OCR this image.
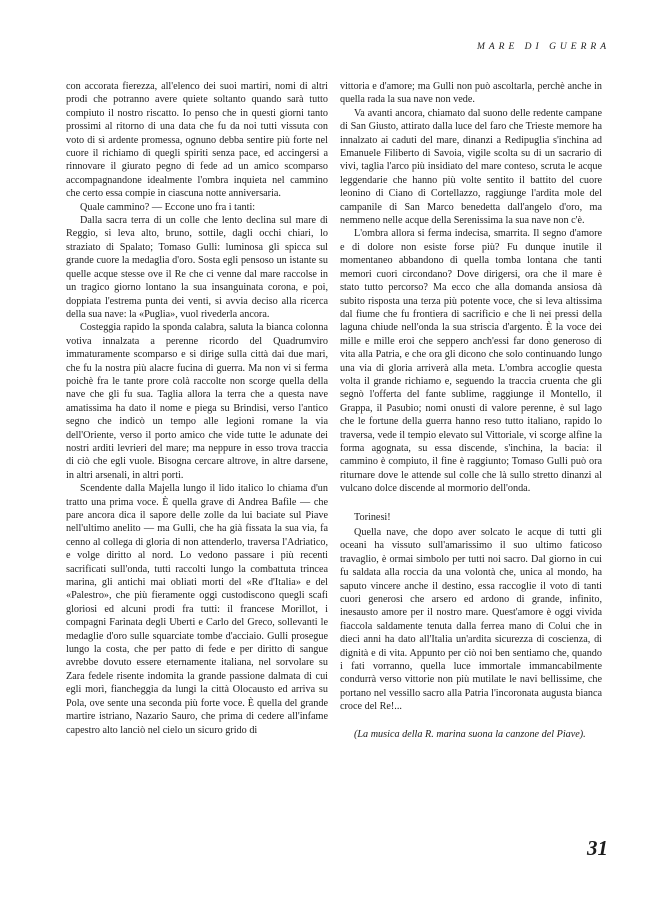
MARE DI GUERRA

con accorata fierezza, all'elenco dei suoi martiri, nomi di altri prodi che potranno avere quiete soltanto quando sarà tutto compiuto il nostro riscatto. Io penso che in questi giorni tanto prossimi al ritorno di una data che fu da noi tutti vissuta con voto di sì ardente promessa, ognuno debba sentire più forte nel cuore il richiamo di quegli spiriti senza pace, ed accingersi a rinnovare il giurato pegno di fede ad un amico scomparso accompagnandone idealmente l'ombra inquieta nel cammino che certo essa compie in ciascuna notte anniversaria.

Quale cammino? — Eccone uno fra i tanti:

Dalla sacra terra di un colle che lento declina sul mare di Reggio, si leva alto, bruno, sottile, dagli occhi chiari, lo straziato di Spalato; Tomaso Gulli: luminosa gli spicca sul grande cuore la medaglia d'oro. Sosta egli pensoso un istante su quelle acque stesse ove il Re che ci venne dal mare raccolse in un tragico giorno lontano la sua insanguinata corona, e poi, doppiata l'estrema punta dei venti, si avvia deciso alla ricerca della sua nave: la «Puglia», vuol rivederla ancora.

Costeggia rapido la sponda calabra, saluta la bianca colonna votiva innalzata a perenne ricordo del Quadrumviro immaturamente scomparso e si dirige sulla città dai due mari, che fu la nostra più alacre fucina di guerra. Ma non vi si ferma poichè fra le tante prore colà raccolte non scorge quella della nave che gli fu sua. Taglia allora la terra che a questa nave amatissima ha dato il nome e piega su Brindisi, verso l'antico segno che indicò un tempo alle legioni romane la via dell'Oriente, verso il porto amico che vide tutte le adunate dei nostri arditi levrieri del mare; ma neppure in esso trova traccia di ciò che egli vuole. Bisogna cercare altrove, in altre darsene, in altri arsenali, in altri porti.

Scendente dalla Majella lungo il lido italico lo chiama d'un tratto una prima voce. È quella grave di Andrea Bafile — che pare ancora dica il sapore delle zolle da lui baciate sul Piave nell'ultimo anelito — ma Gulli, che ha già fissata la sua via, fa cenno al collega di gloria di non attenderlo, traversa l'Adriatico, e volge diritto al nord. Lo vedono passare i più recenti sacrificati sull'onda, tutti raccolti lungo la combattuta trincea marina, gli antichi mai obliati morti del «Re d'Italia» e del «Palestro», che più fieramente oggi custodiscono quegli scafi gloriosi ed alcuni prodi fra tutti: il francese Morillot, i compagni Farinata degli Uberti e Carlo del Greco, sollevanti le medaglie d'oro sulle squarciate tombe d'acciaio. Gulli prosegue lungo la costa, che per patto di fede e per diritto di sangue avrebbe dovuto essere eternamente italiana, nel sorvolare su Zara fedele risente indomita la grande passione dalmata di cui egli morì, fiancheggia da lungi la città Olocausto ed arriva su Pola, ove sente una seconda più forte voce. È quella del grande martire istriano, Nazario Sauro, che prima di cedere all'infame capestro alto lanciò nel cielo un sicuro grido di

vittoria e d'amore; ma Gulli non può ascoltarla, perchè anche in quella rada la sua nave non vede.

Va avanti ancora, chiamato dal suono delle redente campane di San Giusto, attirato dalla luce del faro che Trieste memore ha innalzato ai caduti del mare, dinanzi a Redipuglia s'inchina ad Emanuele Filiberto di Savoia, vigile scolta su di un sacrario di vivi, taglia l'arco più insidiato del mare conteso, scruta le acque leggendarie che hanno più volte sentito il battito del cuore leonino di Ciano di Cortellazzo, raggiunge l'ardita mole del campanile di San Marco benedetta dall'angelo d'oro, ma nemmeno nelle acque della Serenissima la sua nave non c'è.

L'ombra allora si ferma indecisa, smarrita. Il segno d'amore e di dolore non esiste forse più? Fu dunque inutile il momentaneo abbandono di quella tomba lontana che tanti memori cuori circondano? Dove dirigersi, ora che il mare è stato tutto percorso? Ma ecco che alla domanda ansiosa dà subito risposta una terza più potente voce, che si leva altissima dal fiume che fu frontiera di sacrificio e che lì nei pressi della laguna chiude nell'onda la sua striscia d'argento. È la voce dei mille e mille eroi che seppero anch'essi far dono generoso di vita alla Patria, e che ora gli dicono che solo continuando lungo una via di gloria arriverà alla meta. L'ombra accoglie questa volta il grande richiamo e, seguendo la traccia cruenta che gli segnò l'offerta del fante sublime, raggiunge il Montello, il Grappa, il Pasubio; nomi onusti di valore perenne, è sul lago che le fortune della guerra hanno reso tutto italiano, rapido lo traversa, vede il tempio elevato sul Vittoriale, vi scorge alfine la forma agognata, su essa discende, s'inchina, la bacia: il cammino è compiuto, il fine è raggiunto; Tomaso Gulli può ora riturnare dove le attende sul colle che là sullo stretto dinanzi al vulcano dolce discende al mormorio dell'onda.

Torinesi!

Quella nave, che dopo aver solcato le acque di tutti gli oceani ha vissuto sull'amarissimo il suo ultimo faticoso travaglio, è ormai simbolo per tutti noi sacro. Dal giorno in cui fu saldata alla roccia da una volontà che, unica al mondo, ha saputo vincere anche il destino, essa raccoglie il voto di tanti cuori generosi che arsero ed ardono di grande, infinito, inesausto amore per il nostro mare. Quest'amore è oggi vivida fiaccola saldamente tenuta dalla ferrea mano di Colui che in dieci anni ha dato all'Italia un'ardita sicurezza di coscienza, di dignità e di vita. Appunto per ciò noi ben sentiamo che, quando i fati vorranno, quella luce immortale immancabilmente condurrà verso vittorie non più mutilate le navi bellissime, che portano nel vessillo sacro alla Patria l'incoronata augusta bianca croce del Re!...

(La musica della R. marina suona la canzone del Piave).

31
